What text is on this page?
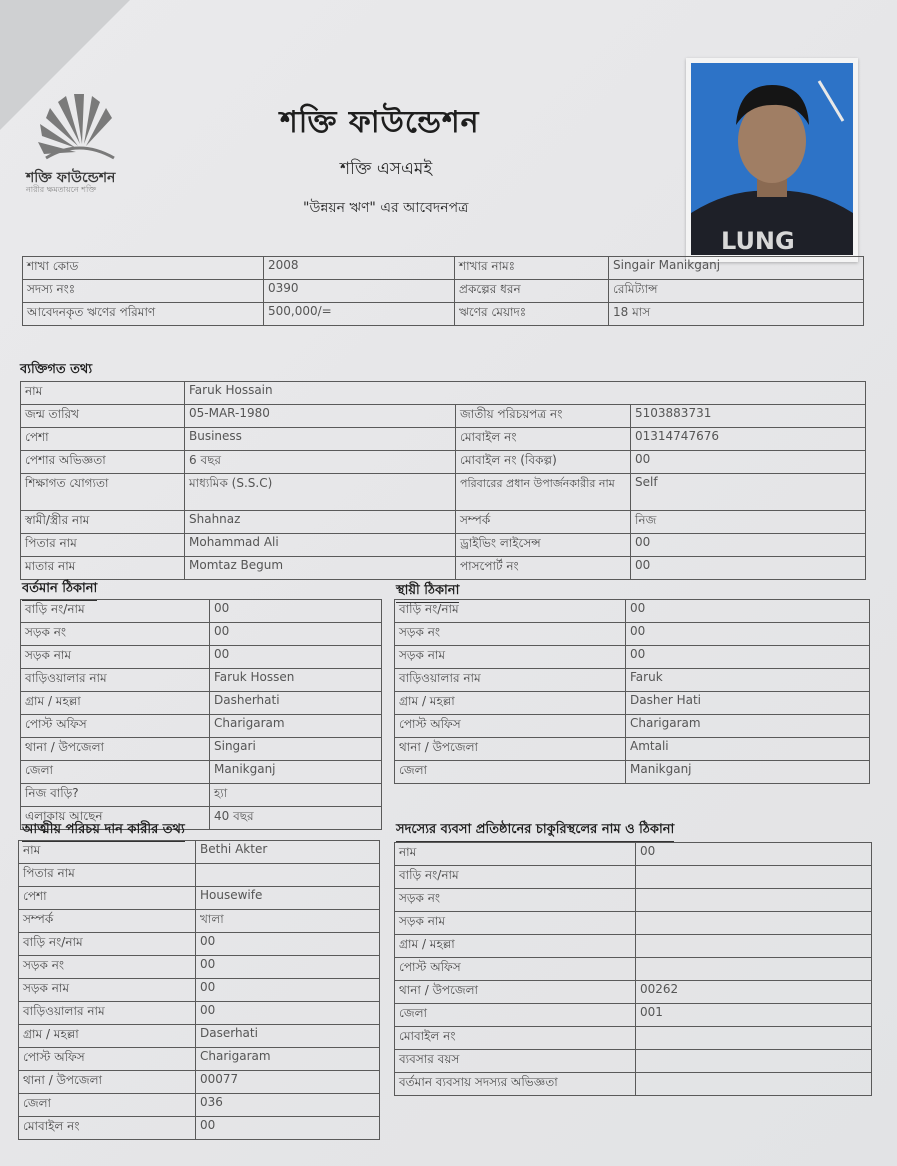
শক্তি ফাউন্ডেশন
নারীর ক্ষমতায়নে শক্তি
শক্তি ফাউন্ডেশন
শক্তি এসএমই
"উন্নয়ন ঋণ" এর আবেদনপত্র
LUNG
শাখা কোড	2008	শাখার নামঃ	Singair Manikganj
সদস্য নংঃ	0390	প্রকল্পের ধরন	রেমিট্যান্স
আবেদনকৃত ঋণের পরিমাণ	500,000/=	ঋণের মেয়াদঃ	18 মাস
ব্যক্তিগত তথ্য
নাম	Faruk Hossain		
জন্ম তারিখ	05-MAR-1980	জাতীয় পরিচয়পত্র নং	5103883731
পেশা	Business	মোবাইল নং	01314747676
পেশার অভিজ্ঞতা	6 বছর	মোবাইল নং (বিকল্প)	00
শিক্ষাগত যোগ্যতা	মাধ্যমিক (S.S.C)	পরিবারের প্রধান উপার্জনকারীর নাম	Self
স্বামী/স্ত্রীর নাম	Shahnaz	সম্পর্ক	নিজ
পিতার নাম	Mohammad Ali	ড্রাইভিং লাইসেন্স	00
মাতার নাম	Momtaz Begum	পাসপোর্ট নং	00
বর্তমান ঠিকানা
বাড়ি নং/নাম	00
সড়ক নং	00
সড়ক নাম	00
বাড়িওয়ালার নাম	Faruk Hossen
গ্রাম / মহল্লা	Dasherhati
পোস্ট অফিস	Charigaram
থানা / উপজেলা	Singari
জেলা	Manikganj
নিজ বাড়ি?	হ্যা
এলাকায় আছেন	40 বছর
স্থায়ী ঠিকানা
বাড়ি নং/নাম	00
সড়ক নং	00
সড়ক নাম	00
বাড়িওয়ালার নাম	Faruk
গ্রাম / মহল্লা	Dasher Hati
পোস্ট অফিস	Charigaram
থানা / উপজেলা	Amtali
জেলা	Manikganj
আত্মীয় পরিচয় দান কারীর তথ্য
নাম	Bethi Akter
পিতার নাম	
পেশা	Housewife
সম্পর্ক	খালা
বাড়ি নং/নাম	00
সড়ক নং	00
সড়ক নাম	00
বাড়িওয়ালার নাম	00
গ্রাম / মহল্লা	Daserhati
পোস্ট অফিস	Charigaram
থানা / উপজেলা	00077
জেলা	036
মোবাইল নং	00
সদস্যের ব্যবসা প্রতিষ্ঠানের চাকুরিস্থলের নাম ও ঠিকানা
নাম	00
বাড়ি নং/নাম	
সড়ক নং	
সড়ক নাম	
গ্রাম / মহল্লা	
পোস্ট অফিস	
থানা / উপজেলা	00262
জেলা	001
মোবাইল নং	
ব্যবসার বয়স	
বর্তমান ব্যবসায় সদস্যর অভিজ্ঞতা	
